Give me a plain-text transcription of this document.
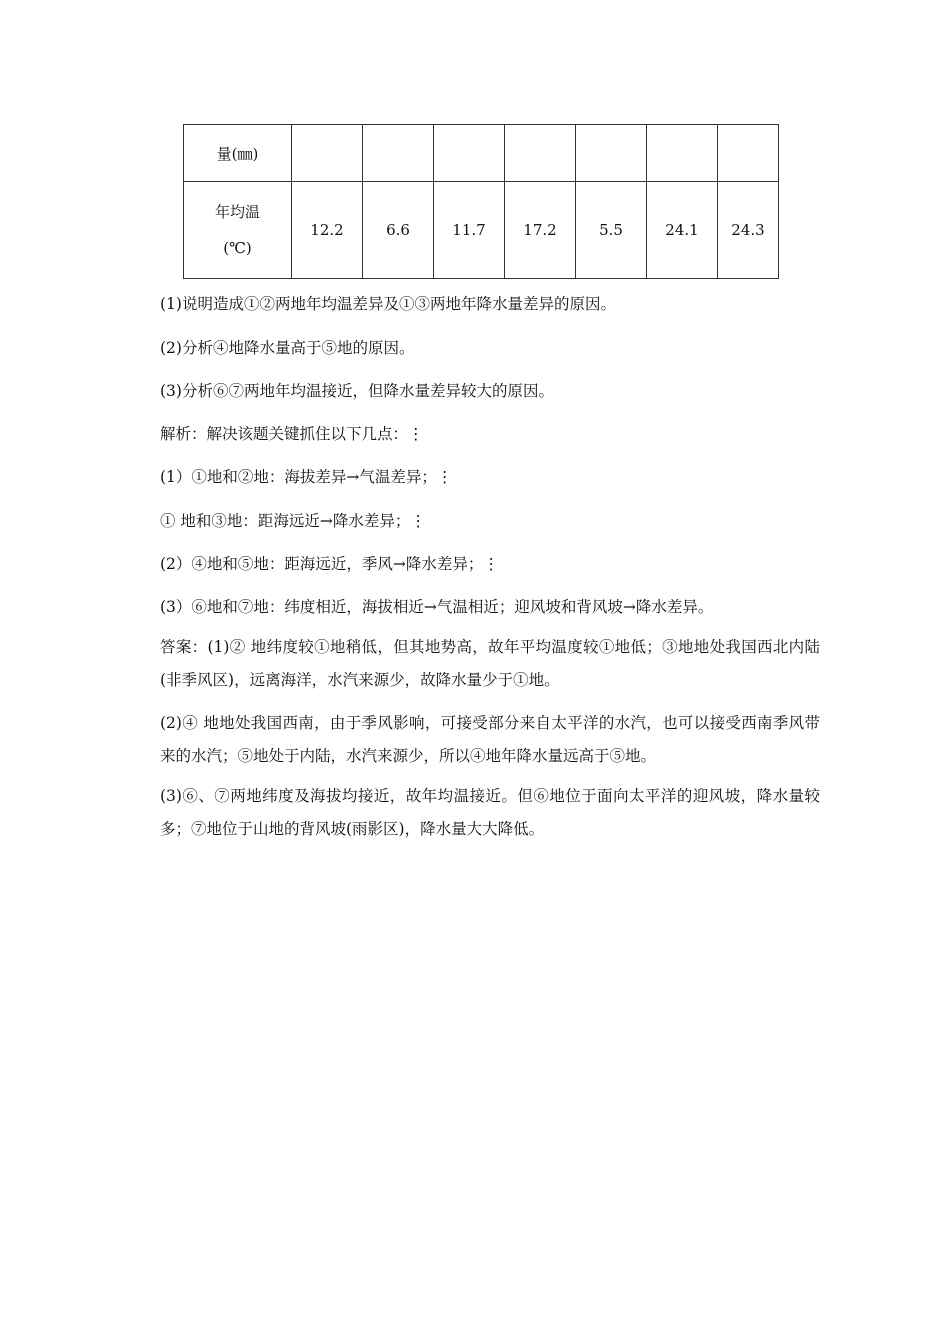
量(㎜)							

年均温
(℃)	12.2	6.6	11.7	17.2	5.5	24.1	24.3
(1)说明造成①②两地年均温差异及①③两地年降水量差异的原因。
(2)分析④地降水量高于⑤地的原因。
(3)分析⑥⑦两地年均温接近，但降水量差异较大的原因。
解析：解决该题关键抓住以下几点：⋮
(1）①地和②地：海拔差异→气温差异；⋮
① 地和③地：距海远近→降水差异；⋮
(2）④地和⑤地：距海远近，季风→降水差异；⋮
(3）⑥地和⑦地：纬度相近，海拔相近→气温相近；迎风坡和背风坡→降水差异。
答案：(1)② 地纬度较①地稍低，但其地势高，故年平均温度较①地低；③地地处我国西北内陆(非季风区)，远离海洋，水汽来源少，故降水量少于①地。
(2)④ 地地处我国西南，由于季风影响，可接受部分来自太平洋的水汽，也可以接受西南季风带来的水汽；⑤地处于内陆，水汽来源少，所以④地年降水量远高于⑤地。
(3)⑥、⑦两地纬度及海拔均接近，故年均温接近。但⑥地位于面向太平洋的迎风坡，降水量较多；⑦地位于山地的背风坡(雨影区)，降水量大大降低。
